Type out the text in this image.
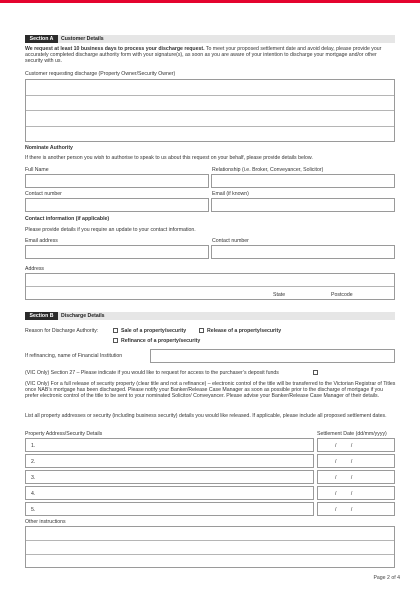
Section A	Customer Details
We request at least 10 business days to process your discharge request. To meet your proposed settlement date and avoid delay, please provide your accurately completed discharge authority form with your signature(s), as soon as you are aware of your intention to discharge your mortgage and/or other security with us.
Customer requesting discharge (Property Owner/Security Owner)
Nominate Authority
If there is another person you wish to authorise to speak to us about this request on your behalf, please provide details below.
Full Name	Relationship (i.e. Broker, Conveyancer, Solicitor)
Contact number	Email (if known)
Contact information (if applicable)
Please provide details if you require an update to your contact information.
Email address	Contact number
Address
State	Postcode
Section B	Discharge Details
Reason for Discharge Authority:	Sale of a property/security	Release of a property/security
Refinance of a property/security
If refinancing, name of Financial Institution
(VIC Only) Section 27 – Please indicate if you would like to request for access to the purchaser’s deposit funds
(VIC Only) For a full release of security property (clear title and not a refinance) – electronic control of the title will be transferred to the Victorian Registrar of Titles once NAB’s mortgage has been discharged. Please notify your Banker/Release Case Manager as soon as possible prior to the discharge of mortgage if you prefer electronic control of the title to be sent to your nominated Solicitor/ Conveyancer. Please advise your Banker/Release Case Manager of their details.
List all property addresses or security (including business security) details you would like released. If applicable, please include all proposed settlement dates.
Property Address/Security Details	Settlement Date (dd/mm/yyyy)
1.	/          /
2.	/          /
3.	/          /
4.	/          /
5.	/          /
Other instructions
Page 2 of 4
